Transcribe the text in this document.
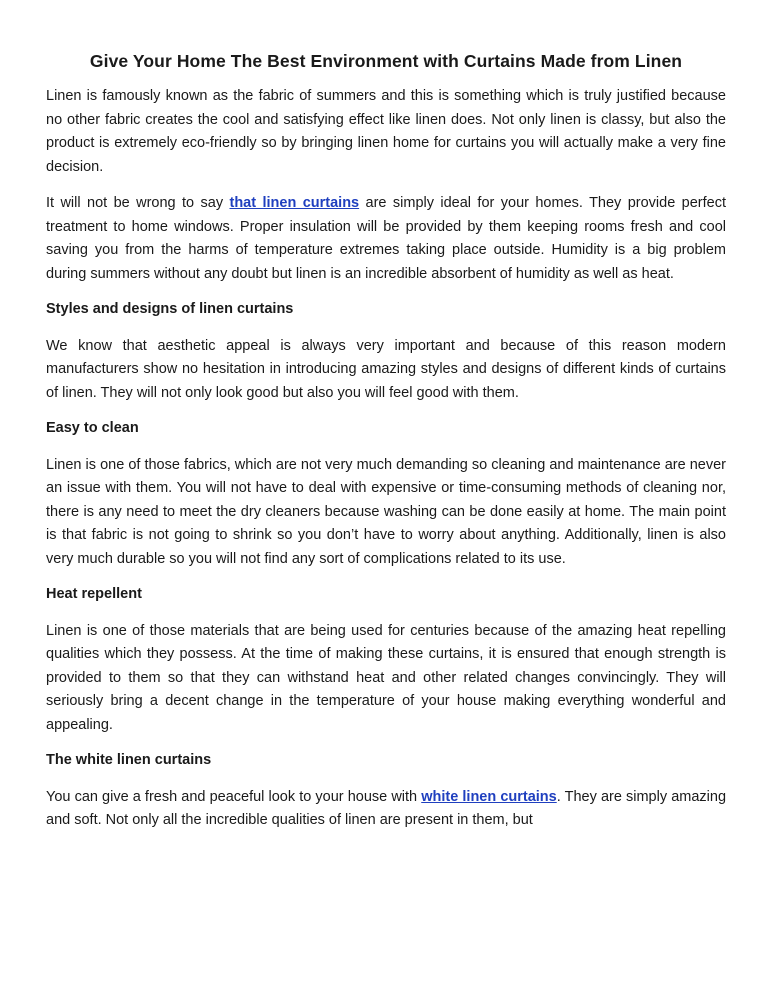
Give Your Home The Best Environment with Curtains Made from Linen

Linen is famously known as the fabric of summers and this is something which is truly justified because no other fabric creates the cool and satisfying effect like linen does. Not only linen is classy, but also the product is extremely eco-friendly so by bringing linen home for curtains you will actually make a very fine decision.

It will not be wrong to say that linen curtains are simply ideal for your homes. They provide perfect treatment to home windows. Proper insulation will be provided by them keeping rooms fresh and cool saving you from the harms of temperature extremes taking place outside. Humidity is a big problem during summers without any doubt but linen is an incredible absorbent of humidity as well as heat.

Styles and designs of linen curtains

We know that aesthetic appeal is always very important and because of this reason modern manufacturers show no hesitation in introducing amazing styles and designs of different kinds of curtains of linen. They will not only look good but also you will feel good with them.

Easy to clean

Linen is one of those fabrics, which are not very much demanding so cleaning and maintenance are never an issue with them. You will not have to deal with expensive or time-consuming methods of cleaning nor, there is any need to meet the dry cleaners because washing can be done easily at home. The main point is that fabric is not going to shrink so you don’t have to worry about anything. Additionally, linen is also very much durable so you will not find any sort of complications related to its use.

Heat repellent

Linen is one of those materials that are being used for centuries because of the amazing heat repelling qualities which they possess. At the time of making these curtains, it is ensured that enough strength is provided to them so that they can withstand heat and other related changes convincingly. They will seriously bring a decent change in the temperature of your house making everything wonderful and appealing.

The white linen curtains

You can give a fresh and peaceful look to your house with white linen curtains. They are simply amazing and soft. Not only all the incredible qualities of linen are present in them, but
